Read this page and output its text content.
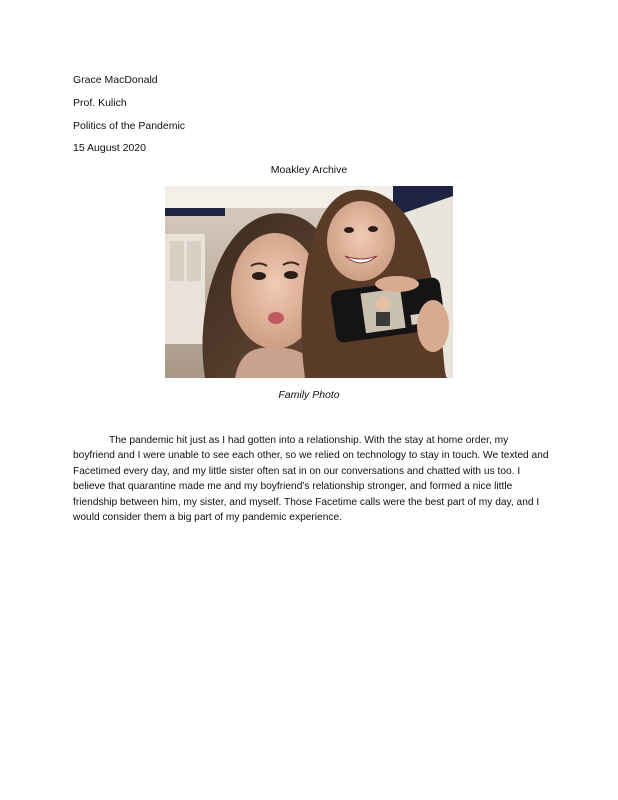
Grace MacDonald
Prof. Kulich
Politics of the Pandemic
15 August 2020
Moakley Archive
Family Photo

The pandemic hit just as I had gotten into a relationship. With the stay at home order, my boyfriend and I were unable to see each other, so we relied on technology to stay in touch. We texted and Facetimed every day, and my little sister often sat in on our conversations and chatted with us too. I believe that quarantine made me and my boyfriend’s relationship stronger, and formed a nice little friendship between him, my sister, and myself. Those Facetime calls were the best part of my day, and I would consider them a big part of my pandemic experience.
